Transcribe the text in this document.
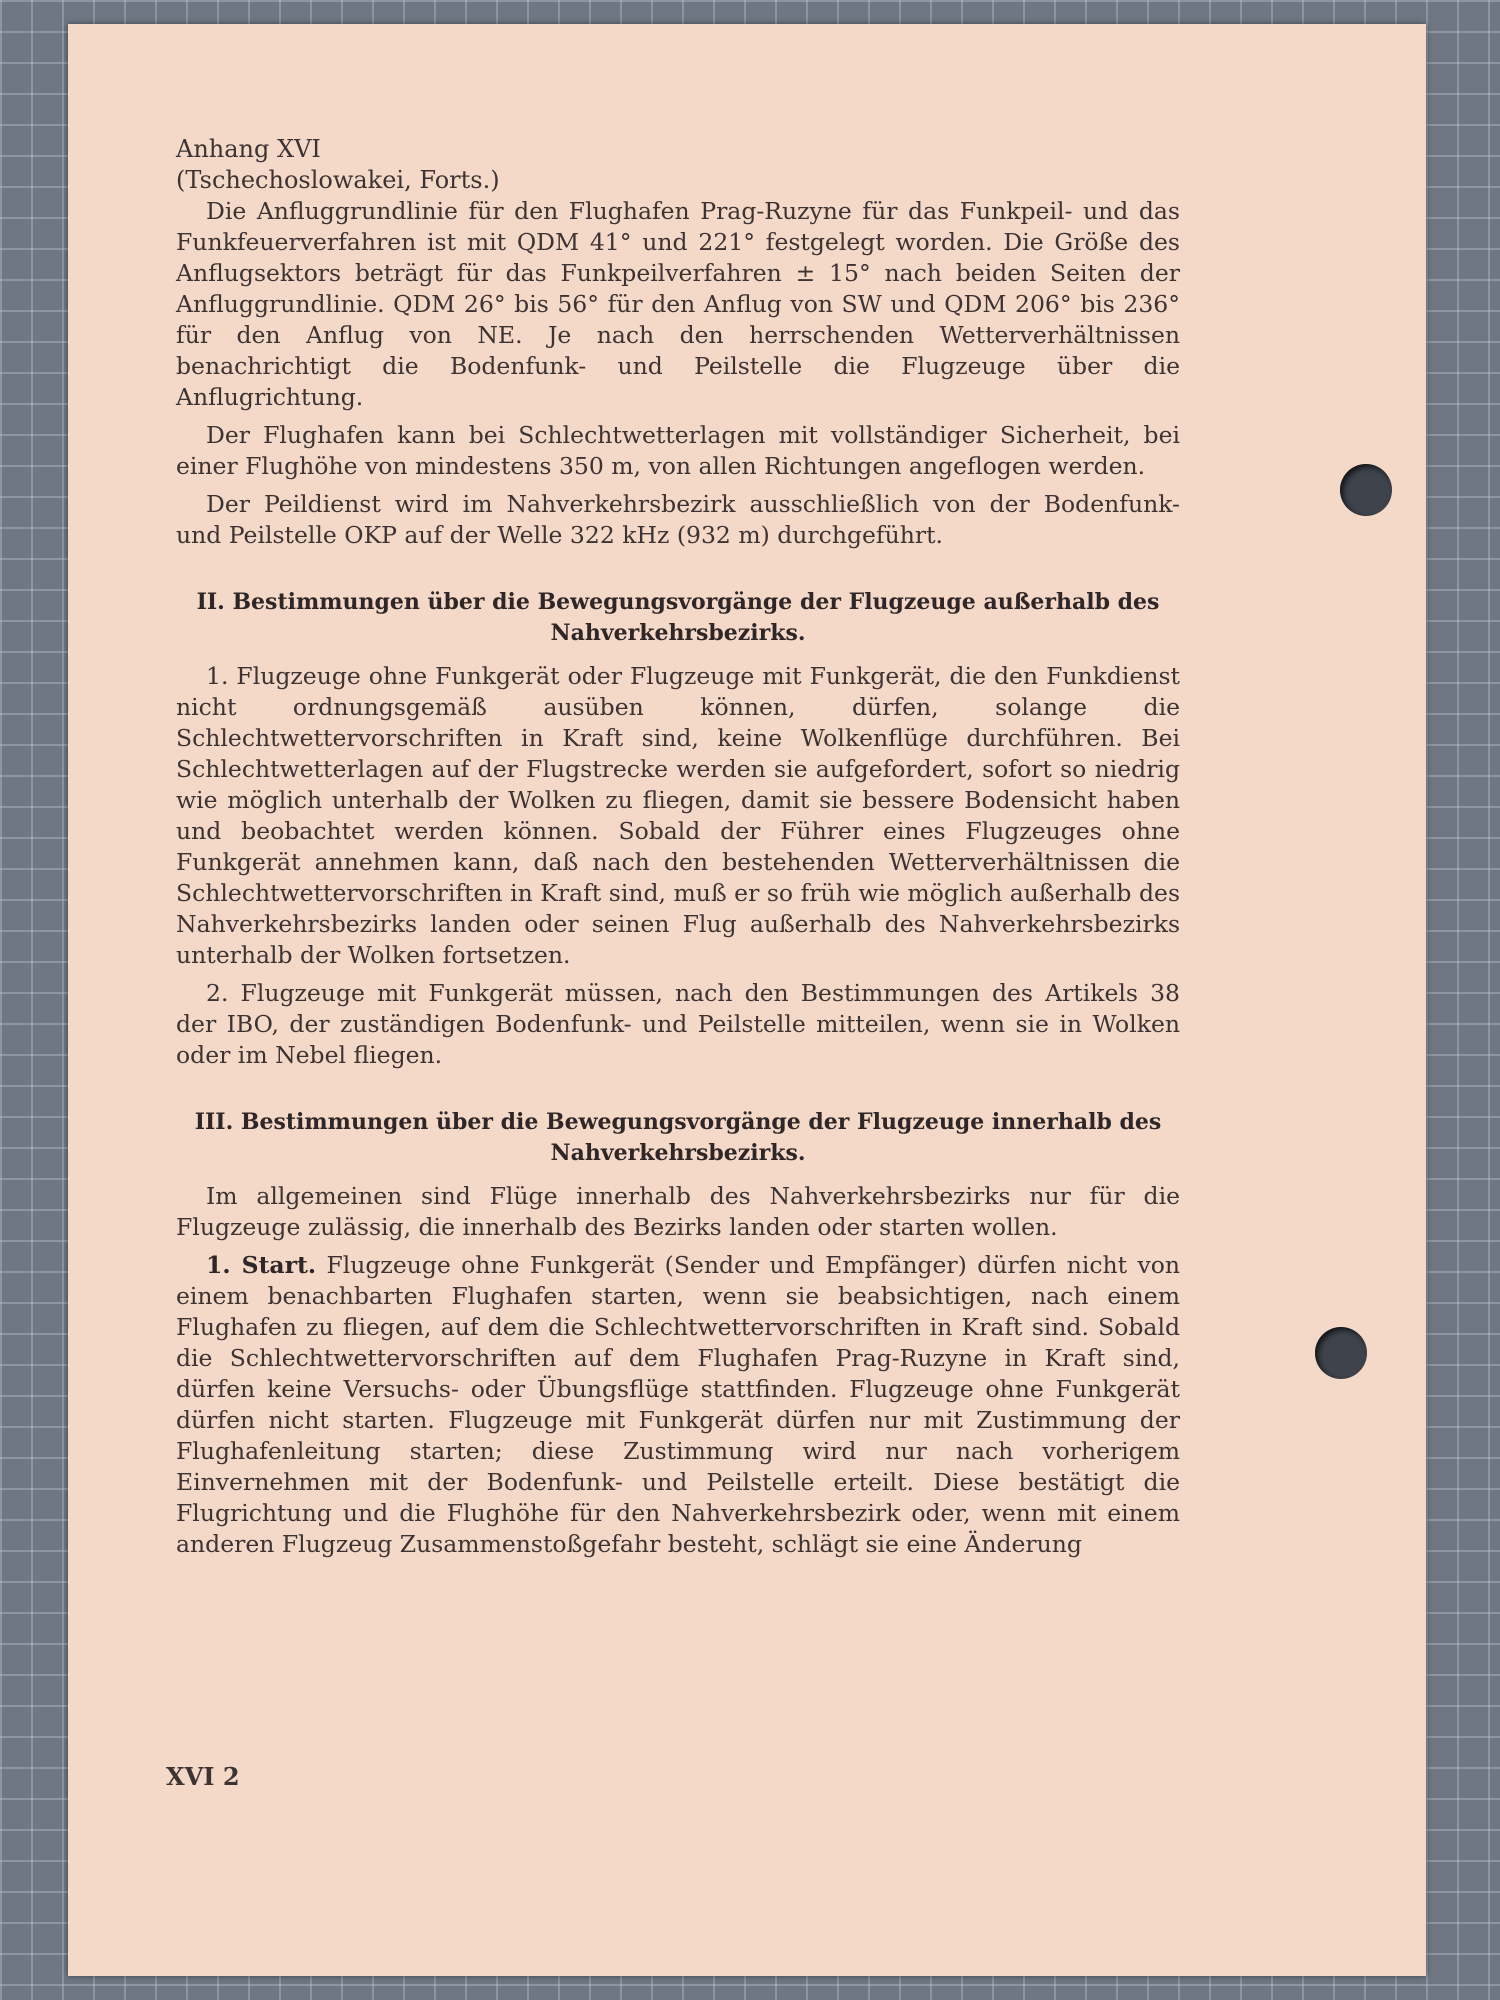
Anhang XVI
(Tschechoslowakei, Forts.)

Die Anfluggrundlinie für den Flughafen Prag-Ruzyne für das Funkpeil- und das Funkfeuerverfahren ist mit QDM 41° und 221° festgelegt worden. Die Größe des Anflugsektors beträgt für das Funkpeilverfahren ± 15° nach beiden Seiten der Anfluggrundlinie. QDM 26° bis 56° für den Anflug von SW und QDM 206° bis 236° für den Anflug von NE. Je nach den herrschenden Wetterverhältnissen benachrichtigt die Bodenfunk- und Peilstelle die Flugzeuge über die Anflugrichtung.

Der Flughafen kann bei Schlechtwetterlagen mit vollständiger Sicherheit, bei einer Flughöhe von mindestens 350 m, von allen Richtungen angeflogen werden.

Der Peildienst wird im Nahverkehrsbezirk ausschließlich von der Bodenfunk- und Peilstelle OKP auf der Welle 322 kHz (932 m) durchgeführt.

II. Bestimmungen über die Bewegungsvorgänge der Flugzeuge außerhalb des Nahverkehrsbezirks.

1. Flugzeuge ohne Funkgerät oder Flugzeuge mit Funkgerät, die den Funkdienst nicht ordnungsgemäß ausüben können, dürfen, solange die Schlechtwettervorschriften in Kraft sind, keine Wolkenflüge durchführen. Bei Schlechtwetterlagen auf der Flugstrecke werden sie aufgefordert, sofort so niedrig wie möglich unterhalb der Wolken zu fliegen, damit sie bessere Bodensicht haben und beobachtet werden können. Sobald der Führer eines Flugzeuges ohne Funkgerät annehmen kann, daß nach den bestehenden Wetterverhältnissen die Schlechtwettervorschriften in Kraft sind, muß er so früh wie möglich außerhalb des Nahverkehrsbezirks landen oder seinen Flug außerhalb des Nahverkehrsbezirks unterhalb der Wolken fortsetzen.

2. Flugzeuge mit Funkgerät müssen, nach den Bestimmungen des Artikels 38 der IBO, der zuständigen Bodenfunk- und Peilstelle mitteilen, wenn sie in Wolken oder im Nebel fliegen.

III. Bestimmungen über die Bewegungsvorgänge der Flugzeuge innerhalb des Nahverkehrsbezirks.

Im allgemeinen sind Flüge innerhalb des Nahverkehrsbezirks nur für die Flugzeuge zulässig, die innerhalb des Bezirks landen oder starten wollen.

1. Start. Flugzeuge ohne Funkgerät (Sender und Empfänger) dürfen nicht von einem benachbarten Flughafen starten, wenn sie beabsichtigen, nach einem Flughafen zu fliegen, auf dem die Schlechtwettervorschriften in Kraft sind. Sobald die Schlechtwettervorschriften auf dem Flughafen Prag-Ruzyne in Kraft sind, dürfen keine Versuchs- oder Übungsflüge stattfinden. Flugzeuge ohne Funkgerät dürfen nicht starten. Flugzeuge mit Funkgerät dürfen nur mit Zustimmung der Flughafenleitung starten; diese Zustimmung wird nur nach vorherigem Einvernehmen mit der Bodenfunk- und Peilstelle erteilt. Diese bestätigt die Flugrichtung und die Flughöhe für den Nahverkehrsbezirk oder, wenn mit einem anderen Flugzeug Zusammenstoßgefahr besteht, schlägt sie eine Änderung

XVI 2
